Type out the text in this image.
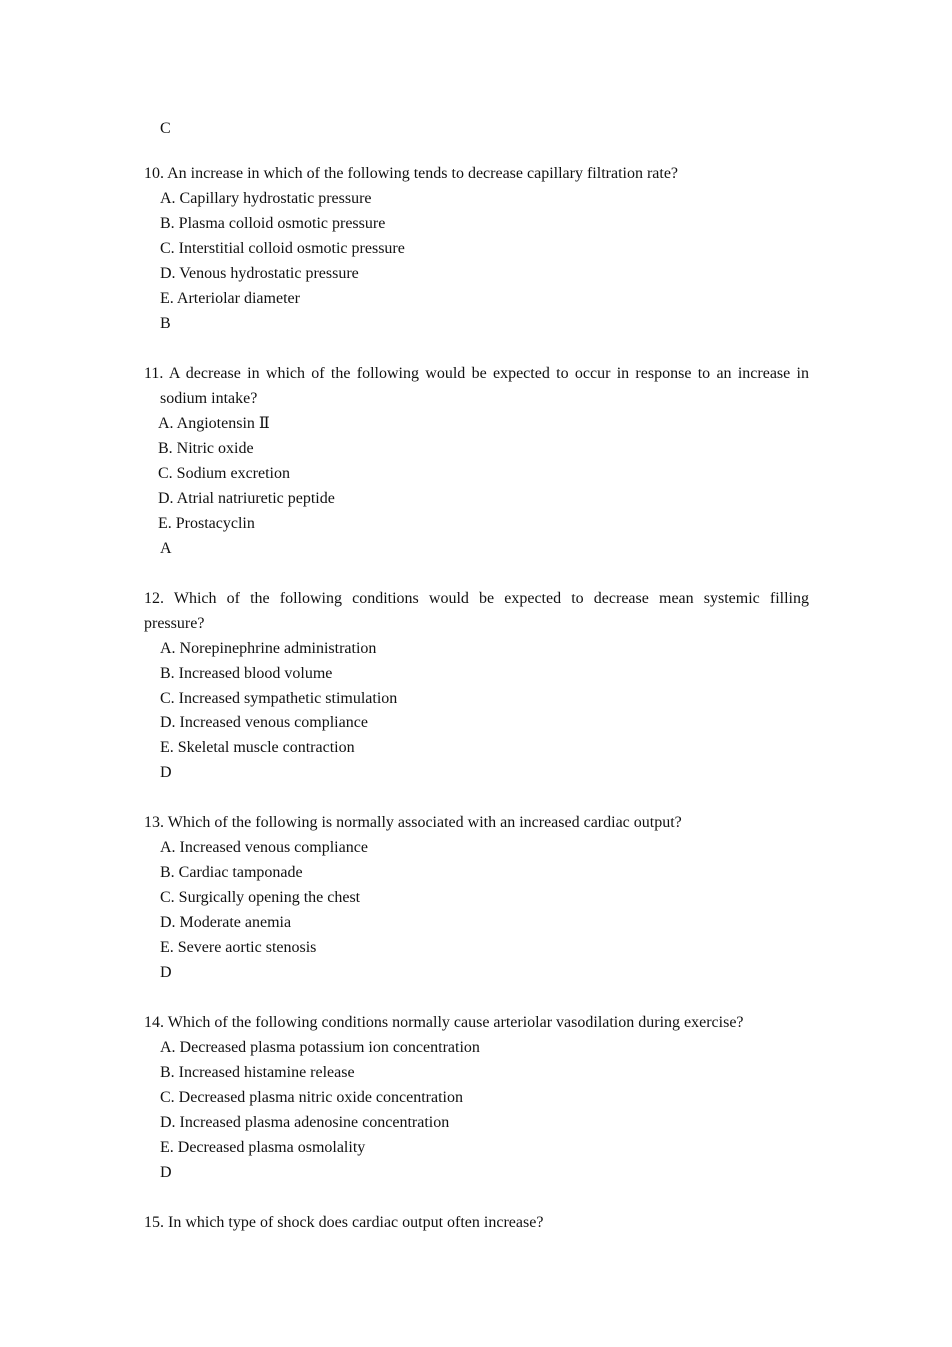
C
10. An increase in which of the following tends to decrease capillary filtration rate?
A. Capillary hydrostatic pressure
B. Plasma colloid osmotic pressure
C. Interstitial colloid osmotic pressure
D. Venous hydrostatic pressure
E. Arteriolar diameter
B
11. A decrease in which of the following would be expected to occur in response to an increase in
sodium intake?
A. Angiotensin Ⅱ
B. Nitric oxide
C. Sodium excretion
D. Atrial natriuretic peptide
E. Prostacyclin
A
12. Which of the following conditions would be expected to decrease mean systemic filling
pressure?
A. Norepinephrine administration
B. Increased blood volume
C. Increased sympathetic stimulation
D. Increased venous compliance
E. Skeletal muscle contraction
D
13. Which of the following is normally associated with an increased cardiac output?
A. Increased venous compliance
B. Cardiac tamponade
C. Surgically opening the chest
D. Moderate anemia
E. Severe aortic stenosis
D
14. Which of the following conditions normally cause arteriolar vasodilation during exercise?
A. Decreased plasma potassium ion concentration
B. Increased histamine release
C. Decreased plasma nitric oxide concentration
D. Increased plasma adenosine concentration
E. Decreased plasma osmolality
D
15. In which type of shock does cardiac output often increase?
